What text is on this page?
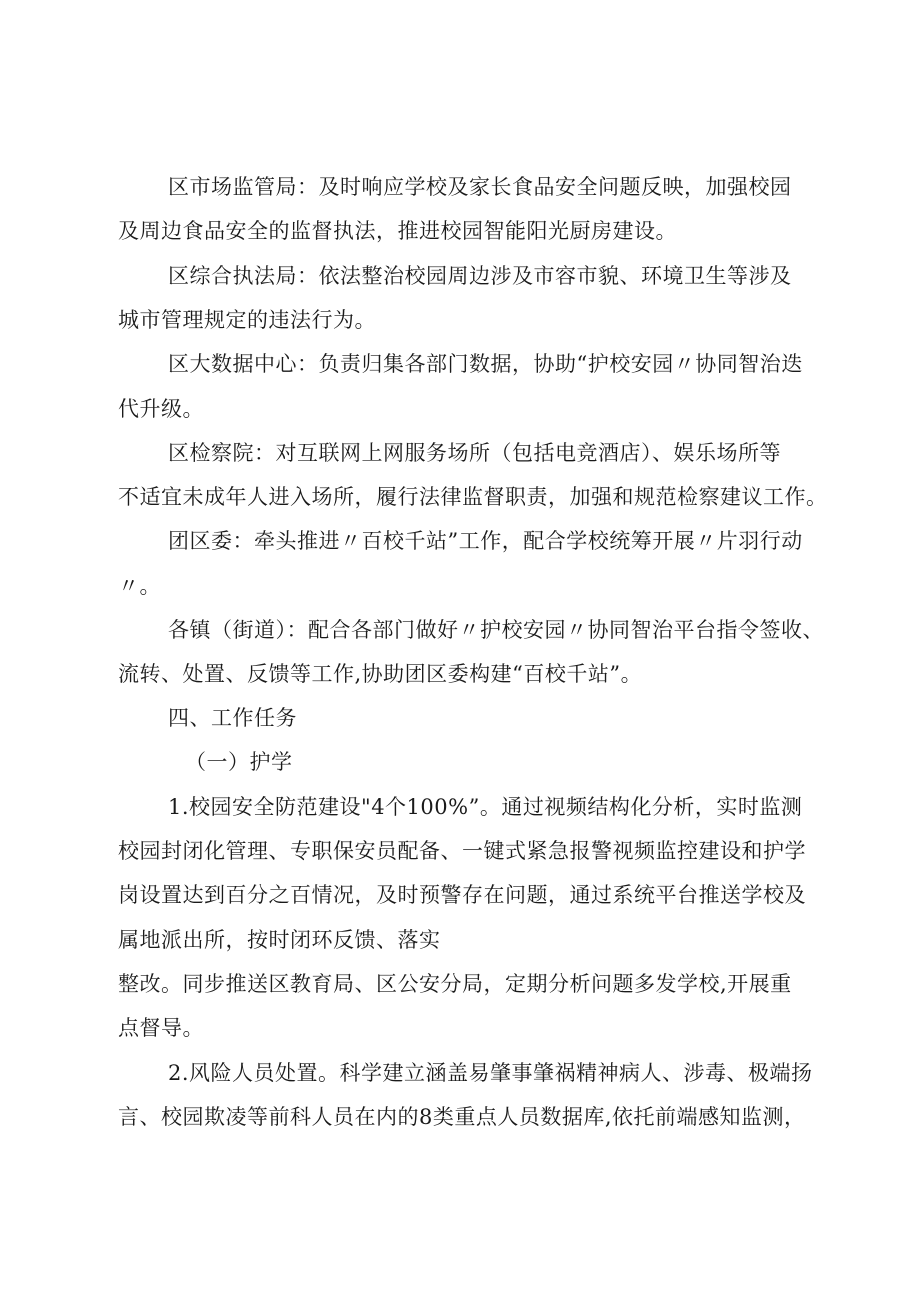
区市场监管局：及时响应学校及家长食品安全问题反映，加强校园
及周边食品安全的监督执法，推进校园智能阳光厨房建设。
区综合执法局：依法整治校园周边涉及市容市貌、环境卫生等涉及
城市管理规定的违法行为。
区大数据中心：负责归集各部门数据，协助“护校安园〃协同智治迭
代升级。
区检察院：对互联网上网服务场所（包括电竞酒店）、娱乐场所等
不适宜未成年人进入场所，履行法律监督职责，加强和规范检察建议工作。
团区委：牵头推进〃百校千站”工作，配合学校统筹开展〃片羽行动
〃。
各镇（街道）：配合各部门做好〃护校安园〃协同智治平台指令签收、
流转、处置、反馈等工作,协助团区委构建“百校千站”。
四、工作任务
（一）护学
1.校园安全防范建设"4个100%”。通过视频结构化分析，实时监测
校园封闭化管理、专职保安员配备、一键式紧急报警视频监控建设和护学
岗设置达到百分之百情况，及时预警存在问题，通过系统平台推送学校及
属地派出所，按时闭环反馈、落实
整改。同步推送区教育局、区公安分局，定期分析问题多发学校,开展重
点督导。
2.风险人员处置。科学建立涵盖易肇事肇祸精神病人、涉毒、极端扬
言、校园欺凌等前科人员在内的8类重点人员数据库,依托前端感知监测，
